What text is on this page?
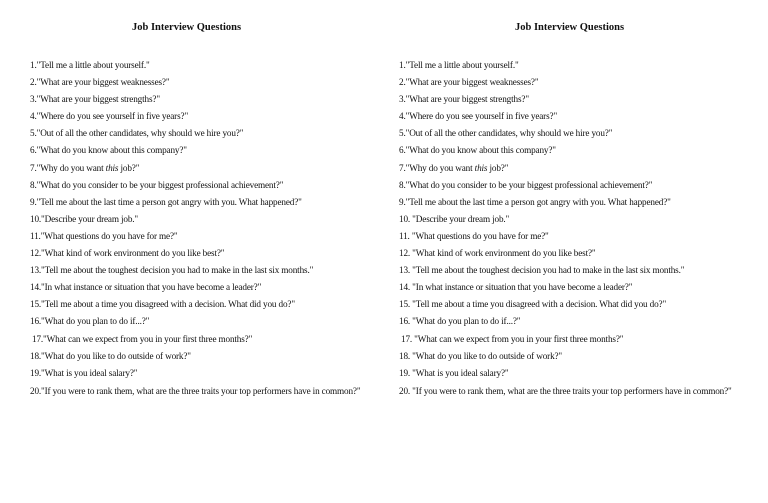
Job Interview Questions
1."Tell me a little about yourself."
2."What are your biggest weaknesses?"
3."What are your biggest strengths?"
4."Where do you see yourself in five years?"
5."Out of all the other candidates, why should we hire you?"
6."What do you know about this company?"
7."Why do you want this job?"
8."What do you consider to be your biggest professional achievement?"
9."Tell me about the last time a person got angry with you. What happened?"
10."Describe your dream job."
11."What questions do you have for me?"
12."What kind of work environment do you like best?"
13."Tell me about the toughest decision you had to make in the last six months."
14."In what instance or situation that you have become a leader?"
15."Tell me about a time you disagreed with a decision. What did you do?"
16."What do you plan to do if...?"
17."What can we expect from you in your first three months?"
18."What do you like to do outside of work?"
19."What is you ideal salary?"
20."If you were to rank them, what are the three traits your top performers have in common?"
Job Interview Questions
1."Tell me a little about yourself."
2."What are your biggest weaknesses?"
3."What are your biggest strengths?"
4."Where do you see yourself in five years?"
5."Out of all the other candidates, why should we hire you?"
6."What do you know about this company?"
7."Why do you want this job?"
8."What do you consider to be your biggest professional achievement?"
9."Tell me about the last time a person got angry with you. What happened?"
10. "Describe your dream job."
11. "What questions do you have for me?"
12. "What kind of work environment do you like best?"
13. "Tell me about the toughest decision you had to make in the last six months."
14. "In what instance or situation that you have become a leader?"
15. "Tell me about a time you disagreed with a decision. What did you do?"
16. "What do you plan to do if...?"
17. "What can we expect from you in your first three months?"
18. "What do you like to do outside of work?"
19. "What is you ideal salary?"
20. "If you were to rank them, what are the three traits your top performers have in common?"
